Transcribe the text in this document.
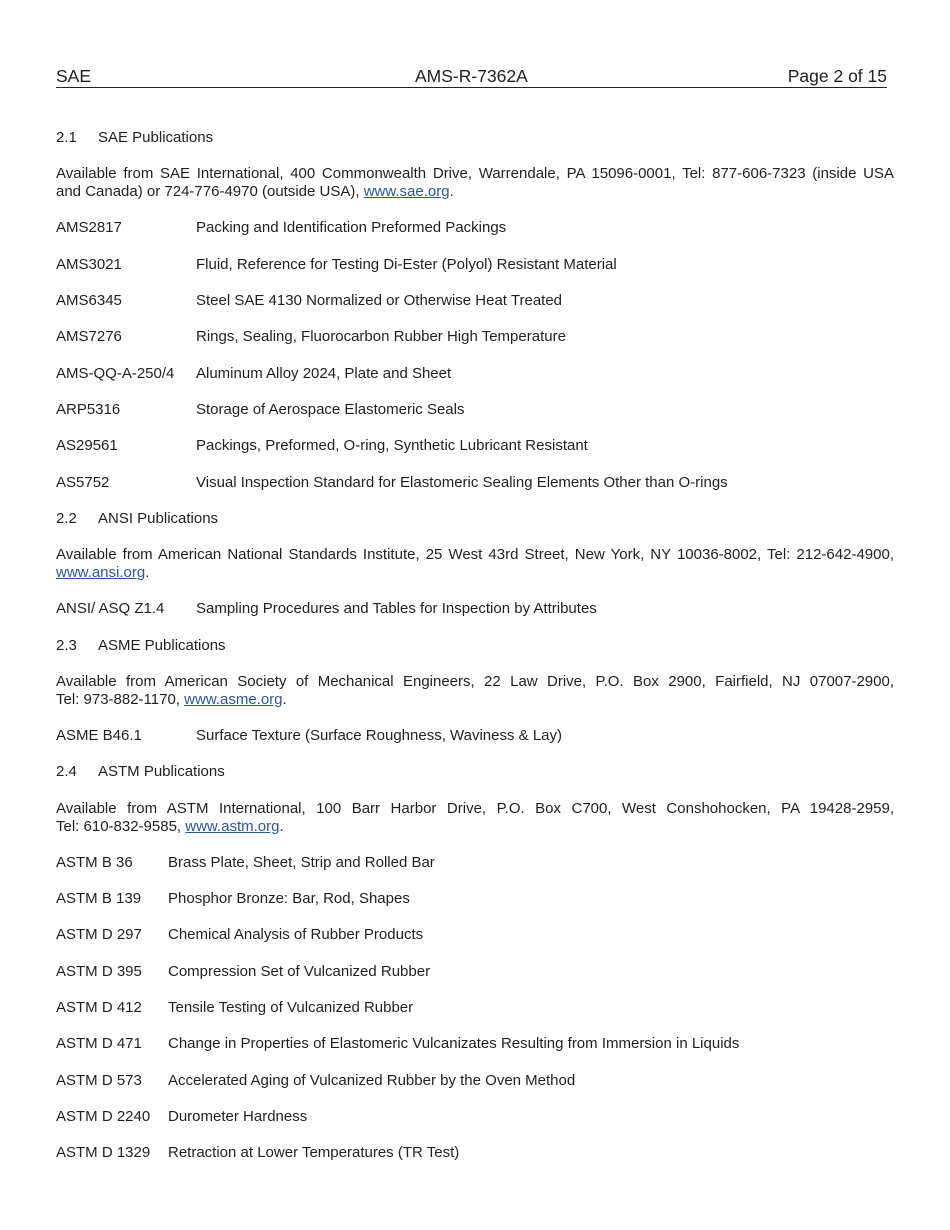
SAE	AMS-R-7362A	Page 2 of 15
2.1 SAE Publications
Available from SAE International, 400 Commonwealth Drive, Warrendale, PA 15096-0001, Tel: 877-606-7323 (inside USA
and Canada) or 724-776-4970 (outside USA), www.sae.org.
AMS2817	Packing and Identification Preformed Packings
AMS3021	Fluid, Reference for Testing Di-Ester (Polyol) Resistant Material
AMS6345	Steel SAE 4130 Normalized or Otherwise Heat Treated
AMS7276	Rings, Sealing, Fluorocarbon Rubber High Temperature
AMS-QQ-A-250/4 Aluminum Alloy 2024, Plate and Sheet
ARP5316	Storage of Aerospace Elastomeric Seals
AS29561	Packings, Preformed, O-ring, Synthetic Lubricant Resistant
AS5752	Visual Inspection Standard for Elastomeric Sealing Elements Other than O-rings
2.2 ANSI Publications
Available from American National Standards Institute, 25 West 43rd Street, New York, NY 10036-8002, Tel: 212-642-4900,
www.ansi.org.
ANSI/ ASQ Z1.4 Sampling Procedures and Tables for Inspection by Attributes
2.3 ASME Publications
Available from American Society of Mechanical Engineers, 22 Law Drive, P.O. Box 2900, Fairfield, NJ 07007-2900,
Tel: 973-882-1170, www.asme.org.
ASME B46.1	Surface Texture (Surface Roughness, Waviness & Lay)
2.4 ASTM Publications
Available from ASTM International, 100 Barr Harbor Drive, P.O. Box C700, West Conshohocken, PA 19428-2959,
Tel: 610-832-9585, www.astm.org.
ASTM B 36 Brass Plate, Sheet, Strip and Rolled Bar
ASTM B 139 Phosphor Bronze: Bar, Rod, Shapes
ASTM D 297 Chemical Analysis of Rubber Products
ASTM D 395 Compression Set of Vulcanized Rubber
ASTM D 412 Tensile Testing of Vulcanized Rubber
ASTM D 471 Change in Properties of Elastomeric Vulcanizates Resulting from Immersion in Liquids
ASTM D 573 Accelerated Aging of Vulcanized Rubber by the Oven Method
ASTM D 2240 Durometer Hardness
ASTM D 1329 Retraction at Lower Temperatures (TR Test)
